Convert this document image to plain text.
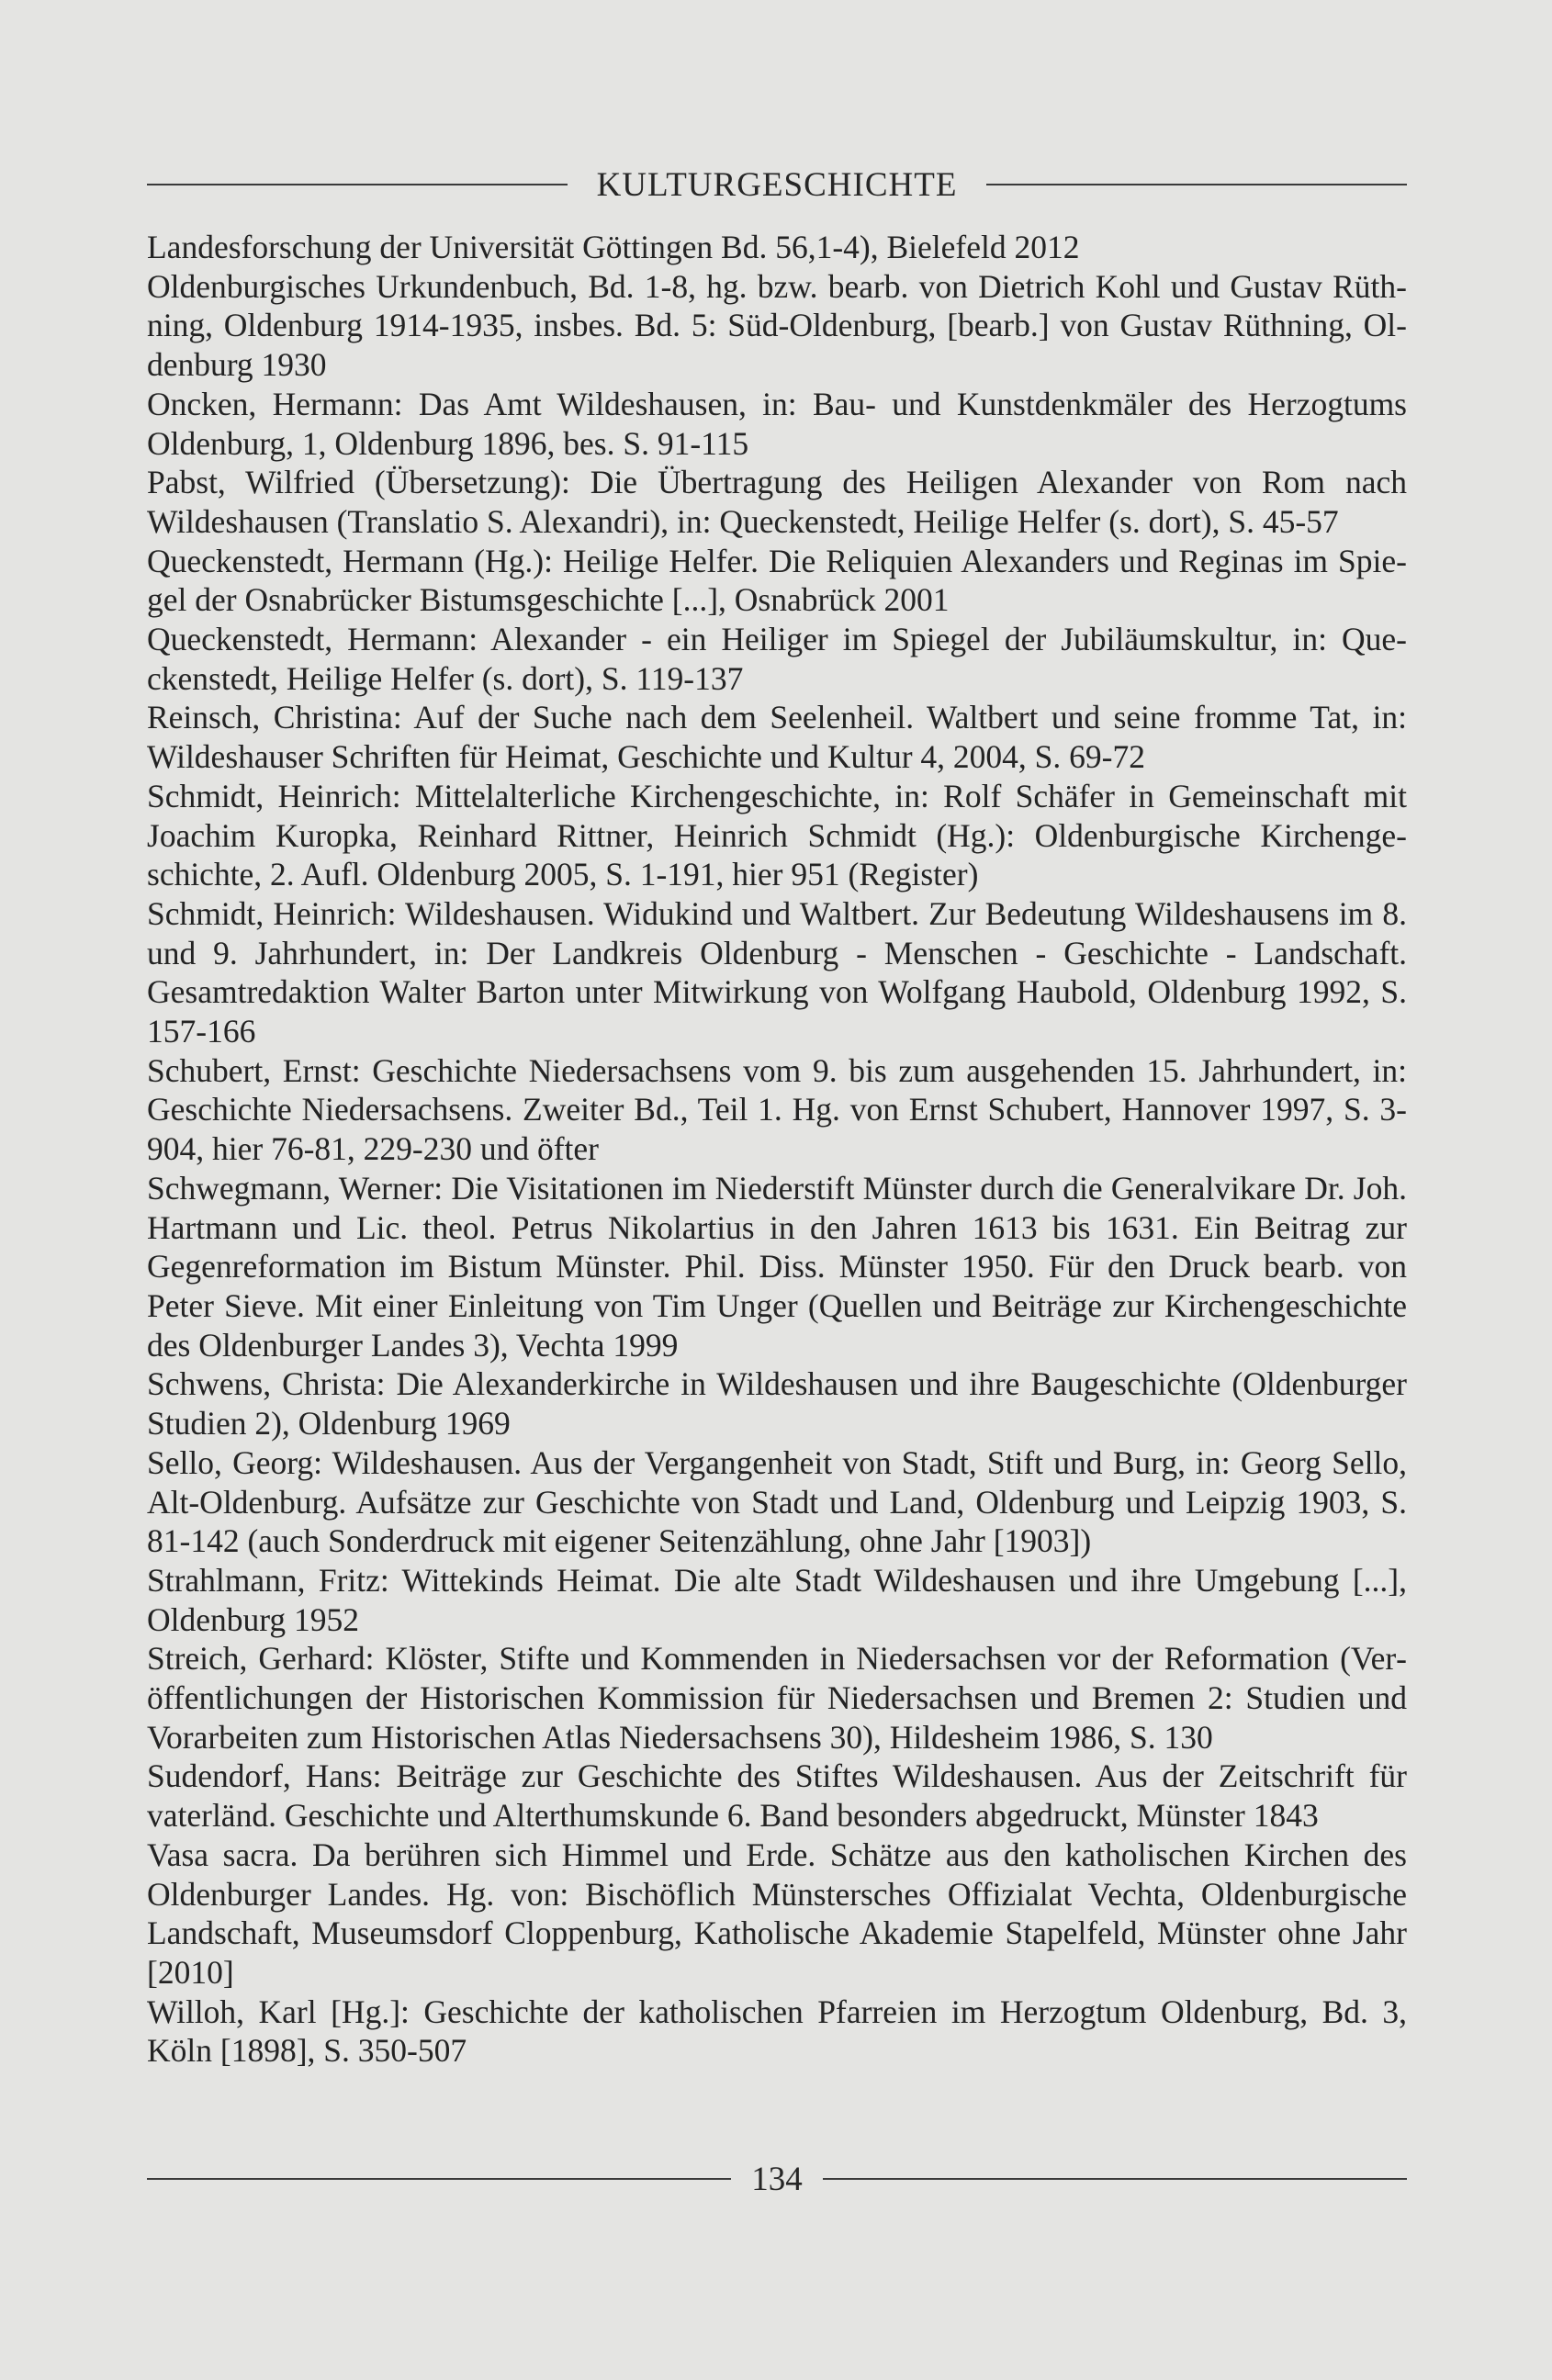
KULTURGESCHICHTE
Landesforschung der Universität Göttingen Bd. 56,1-4), Bielefeld 2012
Oldenburgisches Urkundenbuch, Bd. 1-8, hg. bzw. bearb. von Dietrich Kohl und Gustav Rüthning, Oldenburg 1914-1935, insbes. Bd. 5: Süd-Oldenburg, [bearb.] von Gustav Rüthning, Oldenburg 1930
Oncken, Hermann: Das Amt Wildeshausen, in: Bau- und Kunstdenkmäler des Herzogtums Oldenburg, 1, Oldenburg 1896, bes. S. 91-115
Pabst, Wilfried (Übersetzung): Die Übertragung des Heiligen Alexander von Rom nach Wildeshausen (Translatio S. Alexandri), in: Queckenstedt, Heilige Helfer (s. dort), S. 45-57
Queckenstedt, Hermann (Hg.): Heilige Helfer. Die Reliquien Alexanders und Reginas im Spiegel der Osnabrücker Bistumsgeschichte [...], Osnabrück 2001
Queckenstedt, Hermann: Alexander - ein Heiliger im Spiegel der Jubiläumskultur, in: Queckenstedt, Heilige Helfer (s. dort), S. 119-137
Reinsch, Christina: Auf der Suche nach dem Seelenheil. Waltbert und seine fromme Tat, in: Wildeshauser Schriften für Heimat, Geschichte und Kultur 4, 2004, S. 69-72
Schmidt, Heinrich: Mittelalterliche Kirchengeschichte, in: Rolf Schäfer in Gemeinschaft mit Joachim Kuropka, Reinhard Rittner, Heinrich Schmidt (Hg.): Oldenburgische Kirchengeschichte, 2. Aufl. Oldenburg 2005, S. 1-191, hier 951 (Register)
Schmidt, Heinrich: Wildeshausen. Widukind und Waltbert. Zur Bedeutung Wildeshausens im 8. und 9. Jahrhundert, in: Der Landkreis Oldenburg - Menschen - Geschichte - Landschaft. Gesamtredaktion Walter Barton unter Mitwirkung von Wolfgang Haubold, Oldenburg 1992, S. 157-166
Schubert, Ernst: Geschichte Niedersachsens vom 9. bis zum ausgehenden 15. Jahrhundert, in: Geschichte Niedersachsens. Zweiter Bd., Teil 1. Hg. von Ernst Schubert, Hannover 1997, S. 3-904, hier 76-81, 229-230 und öfter
Schwegmann, Werner: Die Visitationen im Niederstift Münster durch die Generalvikare Dr. Joh. Hartmann und Lic. theol. Petrus Nikolartius in den Jahren 1613 bis 1631. Ein Beitrag zur Gegenreformation im Bistum Münster. Phil. Diss. Münster 1950. Für den Druck bearb. von Peter Sieve. Mit einer Einleitung von Tim Unger (Quellen und Beiträge zur Kirchengeschichte des Oldenburger Landes 3), Vechta 1999
Schwens, Christa: Die Alexanderkirche in Wildeshausen und ihre Baugeschichte (Oldenburger Studien 2), Oldenburg 1969
Sello, Georg: Wildeshausen. Aus der Vergangenheit von Stadt, Stift und Burg, in: Georg Sello, Alt-Oldenburg. Aufsätze zur Geschichte von Stadt und Land, Oldenburg und Leipzig 1903, S. 81-142 (auch Sonderdruck mit eigener Seitenzählung, ohne Jahr [1903])
Strahlmann, Fritz: Wittekinds Heimat. Die alte Stadt Wildeshausen und ihre Umgebung [...], Oldenburg 1952
Streich, Gerhard: Klöster, Stifte und Kommenden in Niedersachsen vor der Reformation (Veröffentlichungen der Historischen Kommission für Niedersachsen und Bremen 2: Studien und Vorarbeiten zum Historischen Atlas Niedersachsens 30), Hildesheim 1986, S. 130
Sudendorf, Hans: Beiträge zur Geschichte des Stiftes Wildeshausen. Aus der Zeitschrift für vaterländ. Geschichte und Alterthumskunde 6. Band besonders abgedruckt, Münster 1843
Vasa sacra. Da berühren sich Himmel und Erde. Schätze aus den katholischen Kirchen des Oldenburger Landes. Hg. von: Bischöflich Münstersches Offizialat Vechta, Oldenburgische Landschaft, Museumsdorf Cloppenburg, Katholische Akademie Stapelfeld, Münster ohne Jahr [2010]
Willoh, Karl [Hg.]: Geschichte der katholischen Pfarreien im Herzogtum Oldenburg, Bd. 3, Köln [1898], S. 350-507
134
